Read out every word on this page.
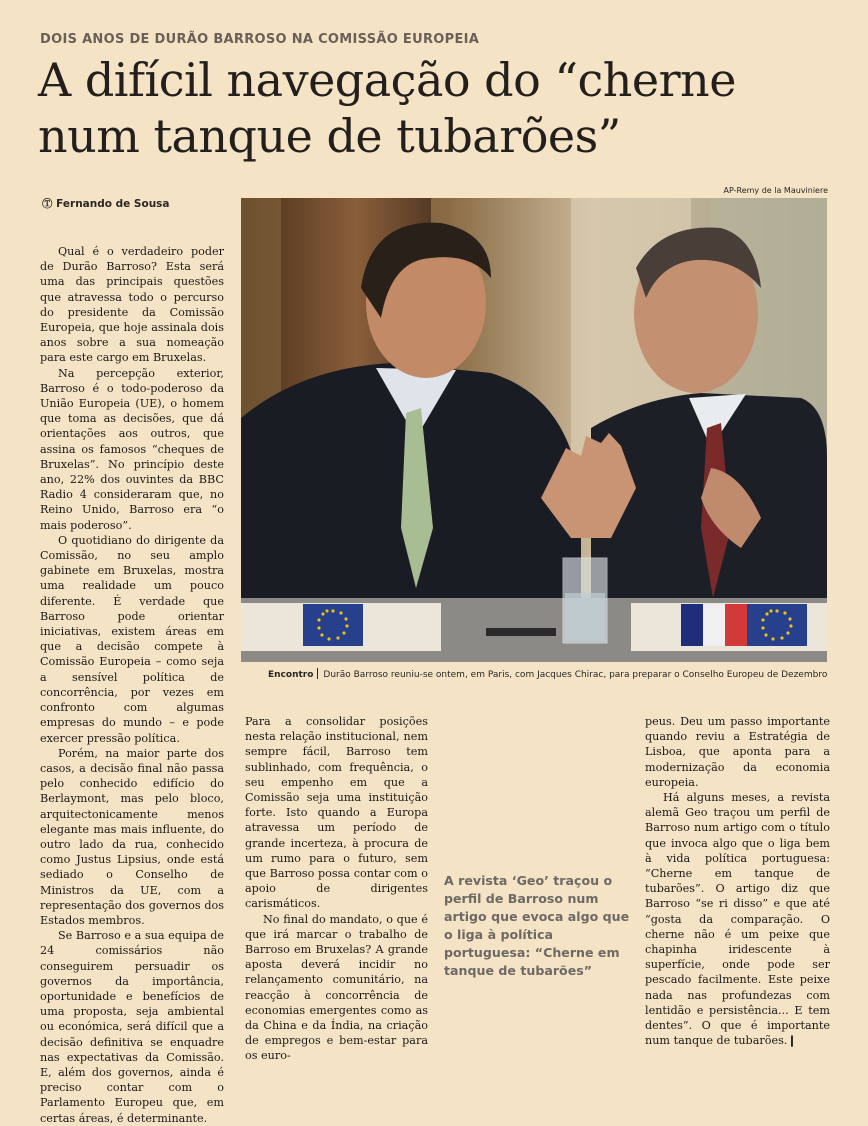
DOIS ANOS DE DURÃO BARROSO NA COMISSÃO EUROPEIA
A difícil navegação do “cherne
num tanque de tubarões”
Ⓣ Fernando de Sousa
AP-Remy de la Mauviniere
Encontro Durão Barroso reuniu-se ontem, em Paris, com Jacques Chirac, para preparar o Conselho Europeu de Dezembro

Qual é o verdadeiro poder de Durão Barroso? Esta será uma das principais questões que atravessa todo o percurso do presidente da Comissão Europeia, que hoje assinala dois anos sobre a sua nomeação para este cargo em Bruxelas.

Na percepção exterior, Barroso é o todo-poderoso da União Europeia (UE), o homem que toma as decisões, que dá orientações aos outros, que assina os famosos “cheques de Bruxelas”. No princípio deste ano, 22% dos ouvintes da BBC Radio 4 consideraram que, no Reino Unido, Barroso era “o mais poderoso”.

O quotidiano do dirigente da Comissão, no seu amplo gabinete em Bruxelas, mostra uma realidade um pouco diferente. É verdade que Barroso pode orientar iniciativas, existem áreas em que a decisão compete à Comissão Europeia – como seja a sensível política de concorrência, por vezes em confronto com algumas empresas do mundo – e pode exercer pressão política.

Porém, na maior parte dos casos, a decisão final não passa pelo conhecido edifício do Berlaymont, mas pelo bloco, arquitectonicamente menos elegante mas mais influente, do outro lado da rua, conhecido como Justus Lipsius, onde está sediado o Conselho de Ministros da UE, com a representação dos governos dos Estados membros.

Se Barroso e a sua equipa de 24 comissários não conseguirem persuadir os governos da importância, oportunidade e benefícios de uma proposta, seja ambiental ou económica, será difícil que a decisão definitiva se enquadre nas expectativas da Comissão. E, além dos governos, ainda é preciso contar com o Parlamento Europeu que, em certas áreas, é determinante.

Para a consolidar posições nesta relação institucional, nem sempre fácil, Barroso tem sublinhado, com frequência, o seu empenho em que a Comissão seja uma instituição forte. Isto quando a Europa atravessa um período de grande incerteza, à procura de um rumo para o futuro, sem que Barroso possa contar com o apoio de dirigentes carismáticos.

No final do mandato, o que é que irá marcar o trabalho de Barroso em Bruxelas? A grande aposta deverá incidir no relançamento comunitário, na reacção à concorrência de economias emergentes como as da China e da Índia, na criação de empregos e bem-estar para os euro-

A revista ‘Geo’ traçou o perfil de Barroso num artigo que evoca algo que o liga à política portuguesa: “Cherne em tanque de tubarões”

peus. Deu um passo importante quando reviu a Estratégia de Lisboa, que aponta para a modernização da economia europeia.

Há alguns meses, a revista alemã Geo traçou um perfil de Barroso num artigo com o título que invoca algo que o liga bem à vida política portuguesa: “Cherne em tanque de tubarões”. O artigo diz que Barroso “se ri disso” e que até “gosta da comparação. O cherne não é um peixe que chapinha iridescente à superfície, onde pode ser pescado facilmente. Este peixe nada nas profundezas com lentidão e persistência... E tem dentes”. O que é importante num tanque de tubarões.❙
